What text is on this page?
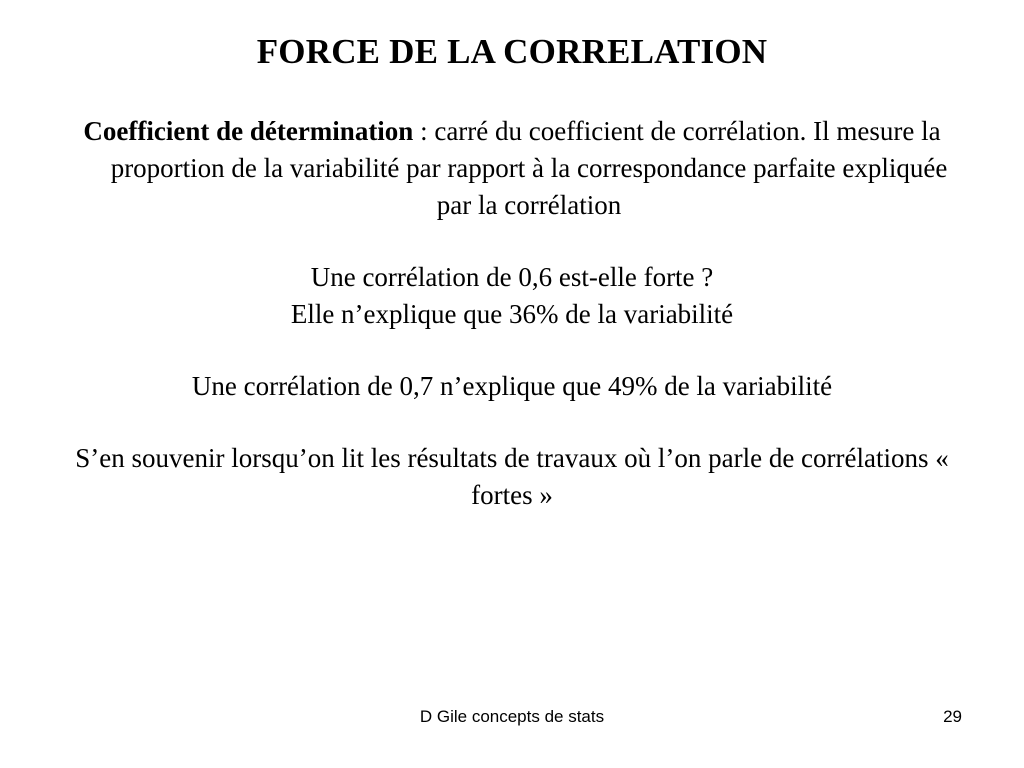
FORCE DE LA CORRELATION

Coefficient de détermination : carré du coefficient de corrélation. Il mesure la proportion de la variabilité par rapport à la correspondance parfaite expliquée par la corrélation

Une corrélation de 0,6 est-elle forte ?

Elle n’explique que 36% de la variabilité

Une corrélation de 0,7 n’explique que 49% de la variabilité

S’en souvenir lorsqu’on lit les résultats de travaux où l’on parle de corrélations « fortes »

D Gile concepts de stats	29
